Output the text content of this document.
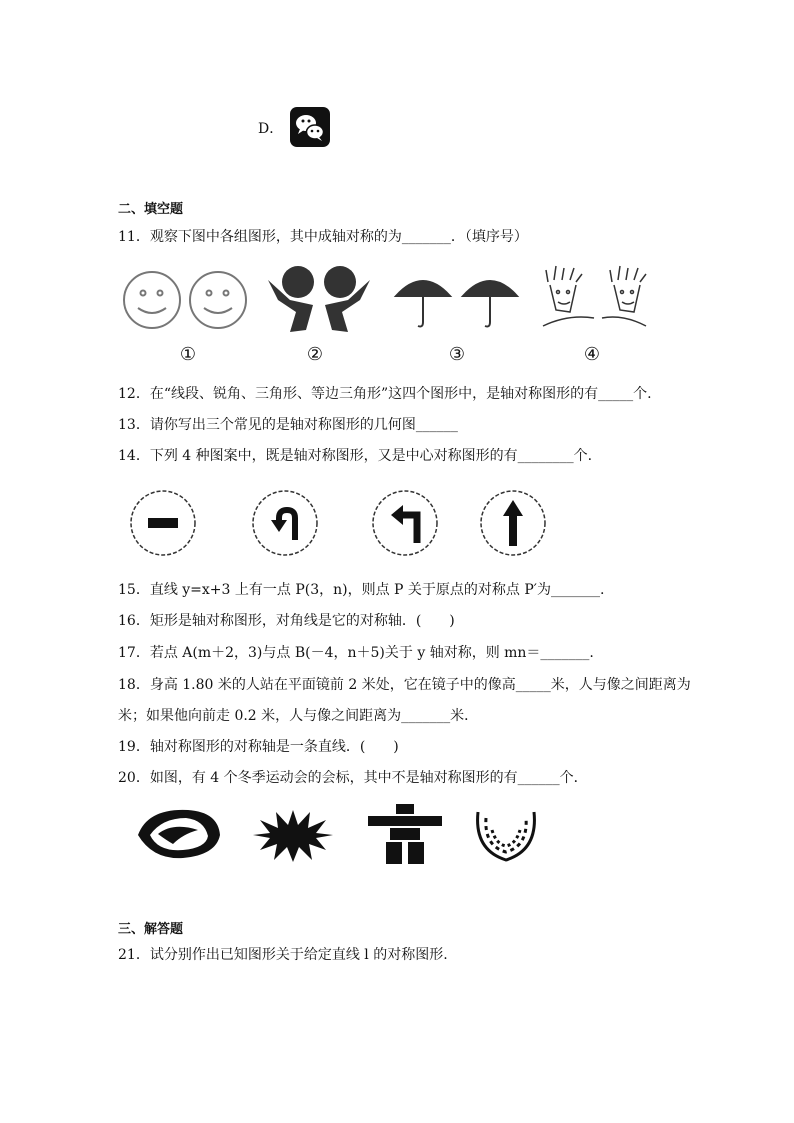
D．
二、填空题
11．观察下图中各组图形，其中成轴对称的为_______．（填序号）
①	②	③	④
12．在“线段、锐角、三角形、等边三角形”这四个图形中，是轴对称图形的有_____个.
13．请你写出三个常见的是轴对称图形的几何图______
14．下列 4 种图案中，既是轴对称图形，又是中心对称图形的有________个.
15．直线 y=x+3 上有一点 P(3，n)，则点 P 关于原点的对称点 P′为_______.
16．矩形是轴对称图形，对角线是它的对称轴．(　　)
17．若点 A(m＋2，3)与点 B(－4，n＋5)关于 y 轴对称，则 mn＝_______.
18．身高 1.80 米的人站在平面镜前 2 米处，它在镜子中的像高_____米，人与像之间距离为
米；如果他向前走 0.2 米，人与像之间距离为_______米．
19．轴对称图形的对称轴是一条直线．(　　)
20．如图，有 4 个冬季运动会的会标，其中不是轴对称图形的有______个．
三、解答题
21．试分别作出已知图形关于给定直线 l 的对称图形.
